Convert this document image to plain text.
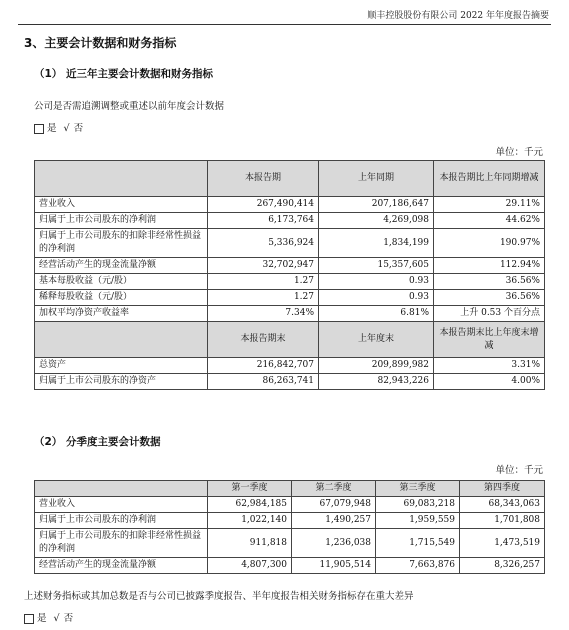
顺丰控股股份有限公司 2022 年年度报告摘要
3、主要会计数据和财务指标
（1） 近三年主要会计数据和财务指标
公司是否需追溯调整或重述以前年度会计数据
是 √ 否
单位：千元
	本报告期	上年同期	本报告期比上年同期增减
营业收入	267,490,414	207,186,647	29.11%
归属于上市公司股东的净利润	6,173,764	4,269,098	44.62%
归属于上市公司股东的扣除非经常性损益的净利润	5,336,924	1,834,199	190.97%
经营活动产生的现金流量净额	32,702,947	15,357,605	112.94%
基本每股收益（元/股）	1.27	0.93	36.56%
稀释每股收益（元/股）	1.27	0.93	36.56%
加权平均净资产收益率	7.34%	6.81%	上升 0.53 个百分点
	本报告期末	上年度末	本报告期末比上年度末增减
总资产	216,842,707	209,899,982	3.31%
归属于上市公司股东的净资产	86,263,741	82,943,226	4.00%
（2） 分季度主要会计数据
单位：千元
	第一季度	第二季度	第三季度	第四季度
营业收入	62,984,185	67,079,948	69,083,218	68,343,063
归属于上市公司股东的净利润	1,022,140	1,490,257	1,959,559	1,701,808
归属于上市公司股东的扣除非经常性损益的净利润	911,818	1,236,038	1,715,549	1,473,519
经营活动产生的现金流量净额	4,807,300	11,905,514	7,663,876	8,326,257
上述财务指标或其加总数是否与公司已披露季度报告、半年度报告相关财务指标存在重大差异
是 √ 否
